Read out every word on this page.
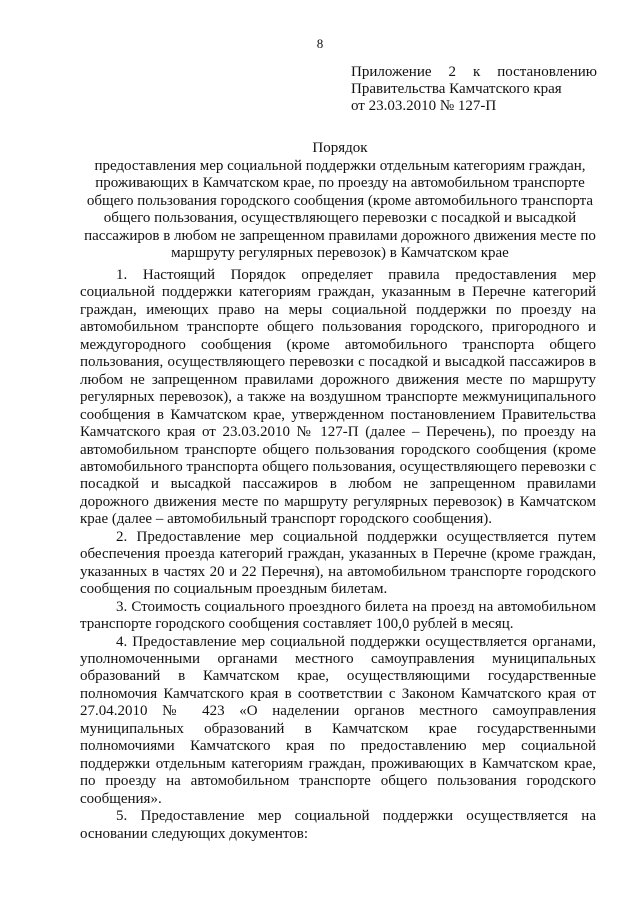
8
Приложение 2 к постановлению
Правительства Камчатского края
от 23.03.2010 № 127-П
Порядок
предоставления мер социальной поддержки отдельным категориям граждан, проживающих в Камчатском крае, по проезду на автомобильном транспорте общего пользования городского сообщения (кроме автомобильного транспорта общего пользования, осуществляющего перевозки с посадкой и высадкой пассажиров в любом не запрещенном правилами дорожного движения месте по маршруту регулярных перевозок) в Камчатском крае

1. Настоящий Порядок определяет правила предоставления мер социальной поддержки категориям граждан, указанным в Перечне категорий граждан, имеющих право на меры социальной поддержки по проезду на автомобильном транспорте общего пользования городского, пригородного и междугородного сообщения (кроме автомобильного транспорта общего пользования, осуществляющего перевозки с посадкой и высадкой пассажиров в любом не запрещенном правилами дорожного движения месте по маршруту регулярных перевозок), а также на воздушном транспорте межмуниципального сообщения в Камчатском крае, утвержденном постановлением Правительства Камчатского края от 23.03.2010 № 127-П (далее – Перечень), по проезду на автомобильном транспорте общего пользования городского сообщения (кроме автомобильного транспорта общего пользования, осуществляющего перевозки с посадкой и высадкой пассажиров в любом не запрещенном правилами дорожного движения месте по маршруту регулярных перевозок) в Камчатском крае (далее – автомобильный транспорт городского сообщения).

2. Предоставление мер социальной поддержки осуществляется путем обеспечения проезда категорий граждан, указанных в Перечне (кроме граждан, указанных в частях 20 и 22 Перечня), на автомобильном транспорте городского сообщения по социальным проездным билетам.

3. Стоимость социального проездного билета на проезд на автомобильном транспорте городского сообщения составляет 100,0 рублей в месяц.

4. Предоставление мер социальной поддержки осуществляется органами, уполномоченными органами местного самоуправления муниципальных образований в Камчатском крае, осуществляющими государственные полномочия Камчатского края в соответствии с Законом Камчатского края от 27.04.2010 № 423 «О наделении органов местного самоуправления муниципальных образований в Камчатском крае государственными полномочиями Камчатского края по предоставлению мер социальной поддержки отдельным категориям граждан, проживающих в Камчатском крае, по проезду на автомобильном транспорте общего пользования городского сообщения».

5. Предоставление мер социальной поддержки осуществляется на основании следующих документов:
